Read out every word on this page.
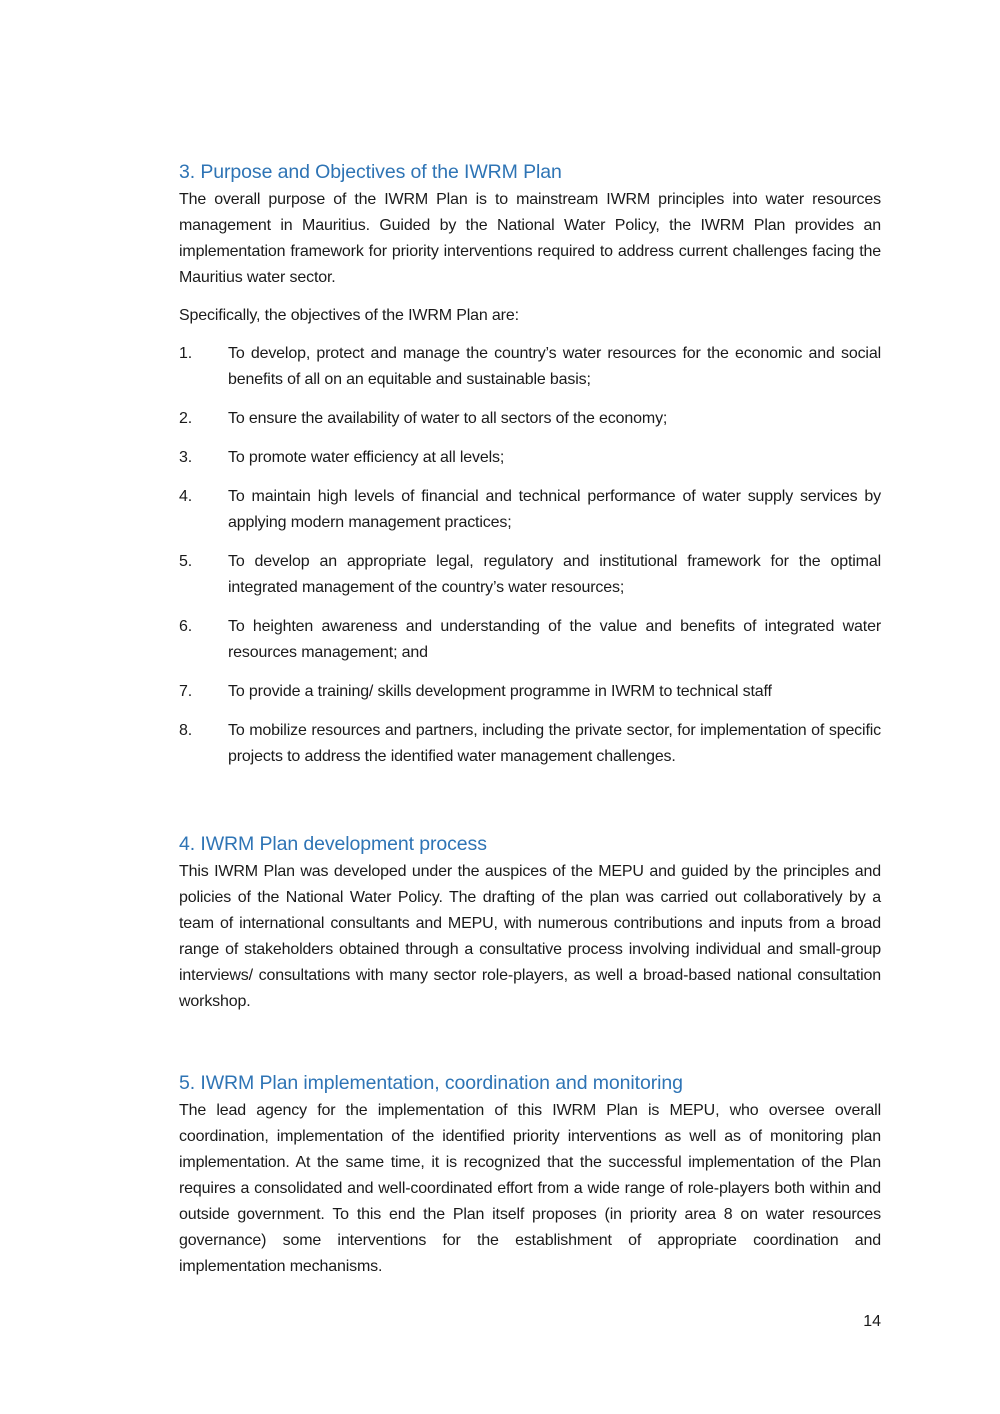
3. Purpose and Objectives of the IWRM Plan

The overall purpose of the IWRM Plan is to mainstream IWRM principles into water resources management in Mauritius. Guided by the National Water Policy, the IWRM Plan provides an implementation framework for priority interventions required to address current challenges facing the Mauritius water sector.

Specifically, the objectives of the IWRM Plan are:

1. To develop, protect and manage the country’s water resources for the economic and social benefits of all on an equitable and sustainable basis;
2. To ensure the availability of water to all sectors of the economy;
3. To promote water efficiency at all levels;
4. To maintain high levels of financial and technical performance of water supply services by applying modern management practices;
5. To develop an appropriate legal, regulatory and institutional framework for the optimal integrated management of the country’s water resources;
6. To heighten awareness and understanding of the value and benefits of integrated water resources management; and
7. To provide a training/ skills development programme in IWRM to technical staff
8. To mobilize resources and partners, including the private sector, for implementation of specific projects to address the identified water management challenges.
4. IWRM Plan development process

This IWRM Plan was developed under the auspices of the MEPU and guided by the principles and policies of the National Water Policy. The drafting of the plan was carried out collaboratively by a team of international consultants and MEPU, with numerous contributions and inputs from a broad range of stakeholders obtained through a consultative process involving individual and small-group interviews/ consultations with many sector role-players, as well a broad-based national consultation workshop.

5. IWRM Plan implementation, coordination and monitoring

The lead agency for the implementation of this IWRM Plan is MEPU, who oversee overall coordination, implementation of the identified priority interventions as well as of monitoring plan implementation. At the same time, it is recognized that the successful implementation of the Plan requires a consolidated and well-coordinated effort from a wide range of role-players both within and outside government. To this end the Plan itself proposes (in priority area 8 on water resources governance) some interventions for the establishment of appropriate coordination and implementation mechanisms.

14
